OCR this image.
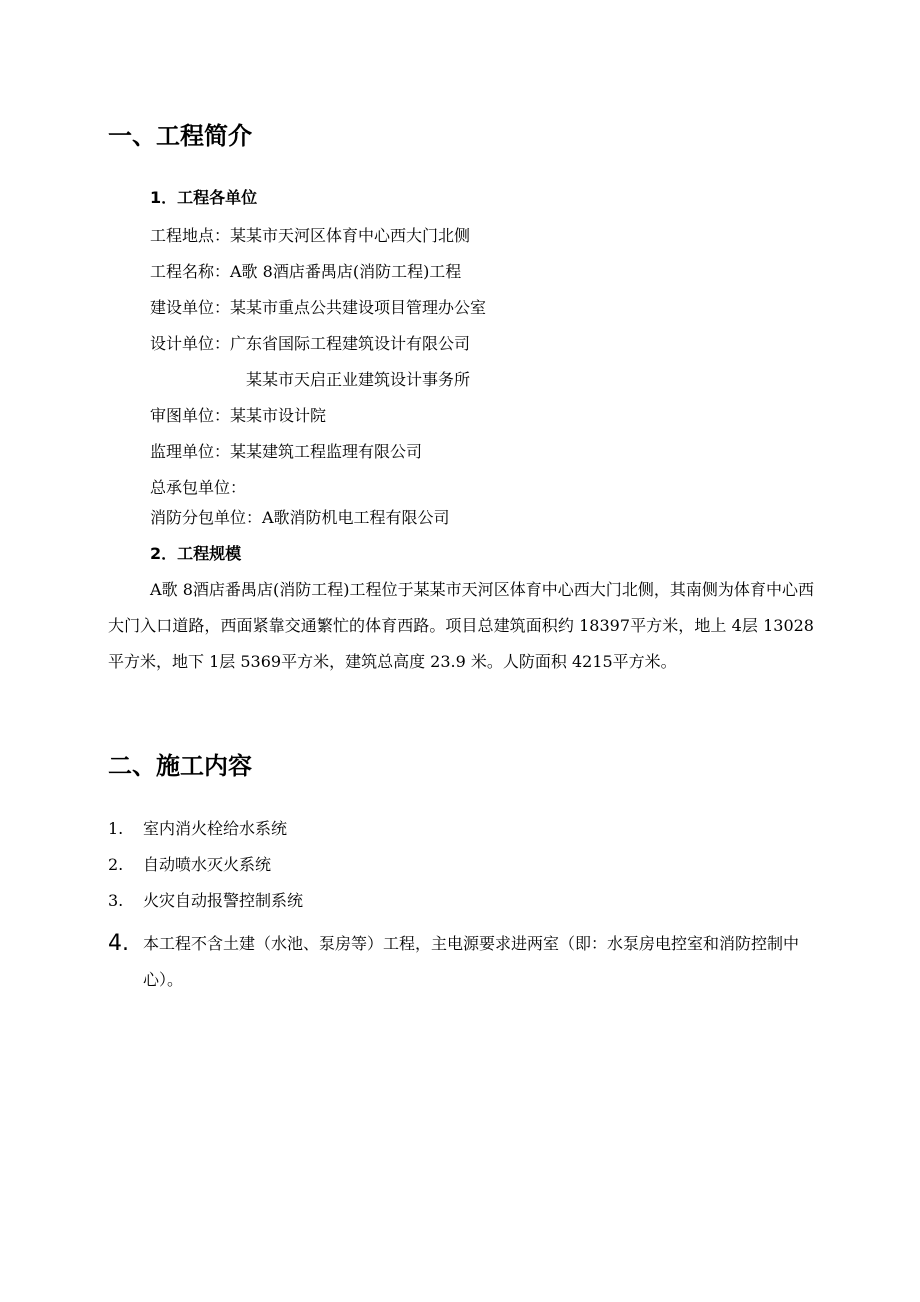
一、工程简介
1．工程各单位
工程地点：某某市天河区体育中心西大门北侧
工程名称：A歌 8酒店番禺店(消防工程)工程
建设单位：某某市重点公共建设项目管理办公室
设计单位：广东省国际工程建筑设计有限公司
某某市天启正业建筑设计事务所
审图单位：某某市设计院
监理单位：某某建筑工程监理有限公司
总承包单位：
消防分包单位：A歌消防机电工程有限公司
2．工程规模
A歌 8酒店番禺店(消防工程)工程位于某某市天河区体育中心西大门北侧，其南侧为体育中心西大门入口道路，西面紧靠交通繁忙的体育西路。项目总建筑面积约 18397平方米，地上 4层 13028平方米，地下 1层 5369平方米，建筑总高度 23.9 米。人防面积 4215平方米。
二、施工内容
1. 室内消火栓给水系统
2. 自动喷水灭火系统
3. 火灾自动报警控制系统
4. 本工程不含土建（水池、泵房等）工程，主电源要求进两室（即：水泵房电控室和消防控制中心）。
